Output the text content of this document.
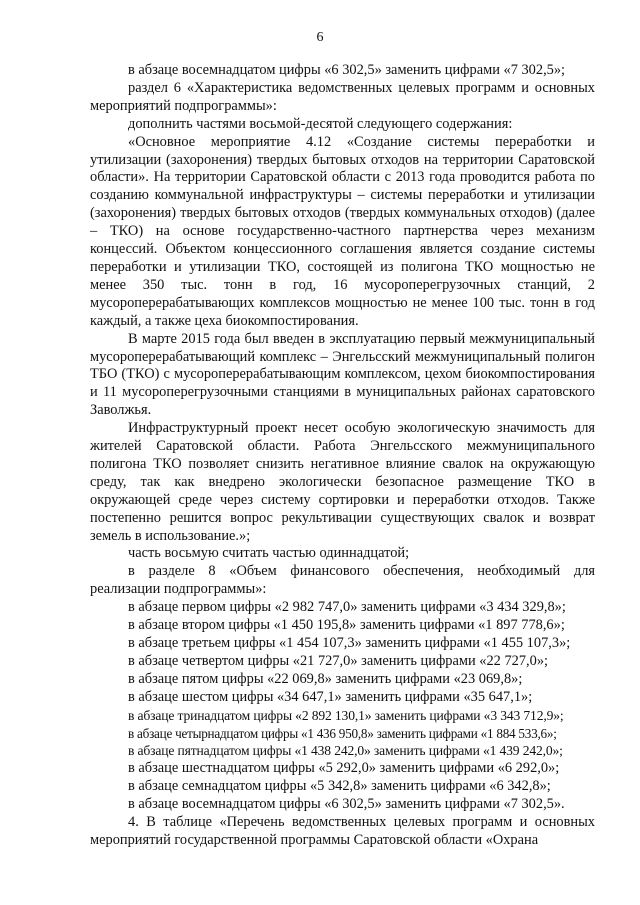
6

в абзаце восемнадцатом цифры «6 302,5» заменить цифрами «7 302,5»;

раздел 6 «Характеристика ведомственных целевых программ и основных мероприятий подпрограммы»:

дополнить частями восьмой-десятой следующего содержания:

«Основное мероприятие 4.12 «Создание системы переработки и утилизации (захоронения) твердых бытовых отходов на территории Саратовской области». На территории Саратовской области с 2013 года проводится работа по созданию коммунальной инфраструктуры – системы переработки и утилизации (захоронения) твердых бытовых отходов (твердых коммунальных отходов) (далее – ТКО) на основе государственно-частного партнерства через механизм концессий. Объектом концессионного соглашения является создание системы переработки и утилизации ТКО, состоящей из полигона ТКО мощностью не менее 350 тыс. тонн в год, 16 мусороперегрузочных станций, 2 мусороперерабатывающих комплексов мощностью не менее 100 тыс. тонн в год каждый, а также цеха биокомпостирования.

В марте 2015 года был введен в эксплуатацию первый межмуниципальный мусороперерабатывающий комплекс – Энгельсский межмуниципальный полигон ТБО (ТКО) с мусороперерабатывающим комплексом, цехом биокомпостирования и 11 мусороперегрузочными станциями в муниципальных районах саратовского Заволжья.

Инфраструктурный проект несет особую экологическую значимость для жителей Саратовской области. Работа Энгельсского межмуниципального полигона ТКО позволяет снизить негативное влияние свалок на окружающую среду, так как внедрено экологически безопасное размещение ТКО в окружающей среде через систему сортировки и переработки отходов. Также постепенно решится вопрос рекультивации существующих свалок и возврат земель в использование.»;

часть восьмую считать частью одиннадцатой;

в разделе 8 «Объем финансового обеспечения, необходимый для реализации подпрограммы»:

в абзаце первом цифры «2 982 747,0» заменить цифрами «3 434 329,8»;

в абзаце втором цифры «1 450 195,8» заменить цифрами «1 897 778,6»;

в абзаце третьем цифры «1 454 107,3» заменить цифрами «1 455 107,3»;

в абзаце четвертом цифры «21 727,0» заменить цифрами «22 727,0»;

в абзаце пятом цифры «22 069,8» заменить цифрами «23 069,8»;

в абзаце шестом цифры «34 647,1» заменить цифрами «35 647,1»;

в абзаце тринадцатом цифры «2 892 130,1» заменить цифрами «3 343 712,9»;

в абзаце четырнадцатом цифры «1 436 950,8» заменить цифрами «1 884 533,6»;

в абзаце пятнадцатом цифры «1 438 242,0» заменить цифрами «1 439 242,0»;

в абзаце шестнадцатом цифры «5 292,0» заменить цифрами «6 292,0»;

в абзаце семнадцатом цифры «5 342,8» заменить цифрами «6 342,8»;

в абзаце восемнадцатом цифры «6 302,5» заменить цифрами «7 302,5».

4. В таблице «Перечень ведомственных целевых программ и основных мероприятий государственной программы Саратовской области «Охрана
